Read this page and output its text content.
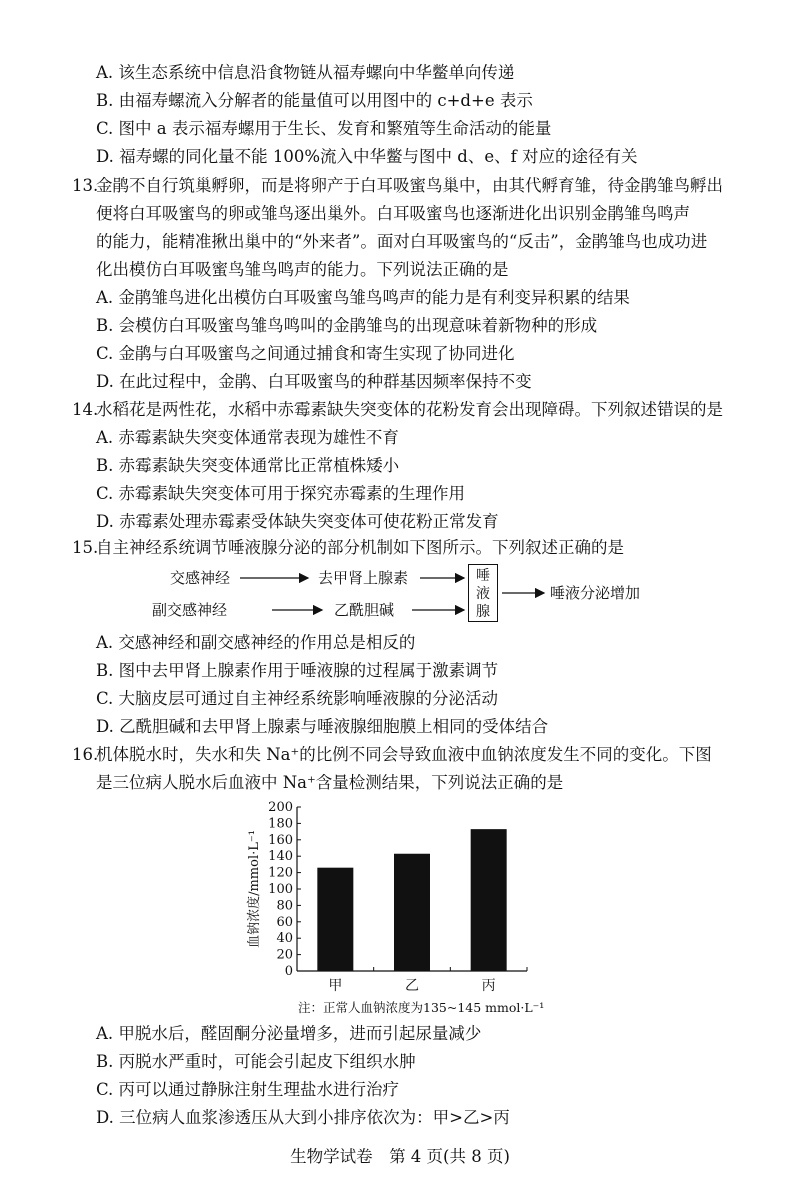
A. 该生态系统中信息沿食物链从福寿螺向中华鳖单向传递
B. 由福寿螺流入分解者的能量值可以用图中的 c+d+e 表示
C. 图中 a 表示福寿螺用于生长、发育和繁殖等生命活动的能量
D. 福寿螺的同化量不能 100%流入中华鳖与图中 d、e、f 对应的途径有关
13.金鹃不自行筑巢孵卵，而是将卵产于白耳吸蜜鸟巢中，由其代孵育雏，待金鹃雏鸟孵出
便将白耳吸蜜鸟的卵或雏鸟逐出巢外。白耳吸蜜鸟也逐渐进化出识别金鹃雏鸟鸣声
的能力，能精准揪出巢中的“外来者”。面对白耳吸蜜鸟的“反击”，金鹃雏鸟也成功进
化出模仿白耳吸蜜鸟雏鸟鸣声的能力。下列说法正确的是
A. 金鹃雏鸟进化出模仿白耳吸蜜鸟雏鸟鸣声的能力是有利变异积累的结果
B. 会模仿白耳吸蜜鸟雏鸟鸣叫的金鹃雏鸟的出现意味着新物种的形成
C. 金鹃与白耳吸蜜鸟之间通过捕食和寄生实现了协同进化
D. 在此过程中，金鹃、白耳吸蜜鸟的种群基因频率保持不变
14.水稻花是两性花，水稻中赤霉素缺失突变体的花粉发育会出现障碍。下列叙述错误的是
A. 赤霉素缺失突变体通常表现为雄性不育
B. 赤霉素缺失突变体通常比正常植株矮小
C. 赤霉素缺失突变体可用于探究赤霉素的生理作用
D. 赤霉素处理赤霉素受体缺失突变体可使花粉正常发育
15.自主神经系统调节唾液腺分泌的部分机制如下图所示。下列叙述正确的是
交感神经	去甲肾上腺素
副交感神经	乙酰胆碱
唾
液
腺
唾液分泌增加
A. 交感神经和副交感神经的作用总是相反的
B. 图中去甲肾上腺素作用于唾液腺的过程属于激素调节
C. 大脑皮层可通过自主神经系统影响唾液腺的分泌活动
D. 乙酰胆碱和去甲肾上腺素与唾液腺细胞膜上相同的受体结合
16.机体脱水时，失水和失 Na⁺的比例不同会导致血液中血钠浓度发生不同的变化。下图
是三位病人脱水后血液中 Na⁺含量检测结果，下列说法正确的是
0
20
40
60
80
100
120
140
160
180
200
血钠浓度/mmol·L⁻¹
甲	乙	丙
注：正常人血钠浓度为135~145 mmol·L⁻¹
A. 甲脱水后，醛固酮分泌量增多，进而引起尿量减少
B. 丙脱水严重时，可能会引起皮下组织水肿
C. 丙可以通过静脉注射生理盐水进行治疗
D. 三位病人血浆渗透压从大到小排序依次为：甲>乙>丙
生物学试卷　第 4 页(共 8 页)
